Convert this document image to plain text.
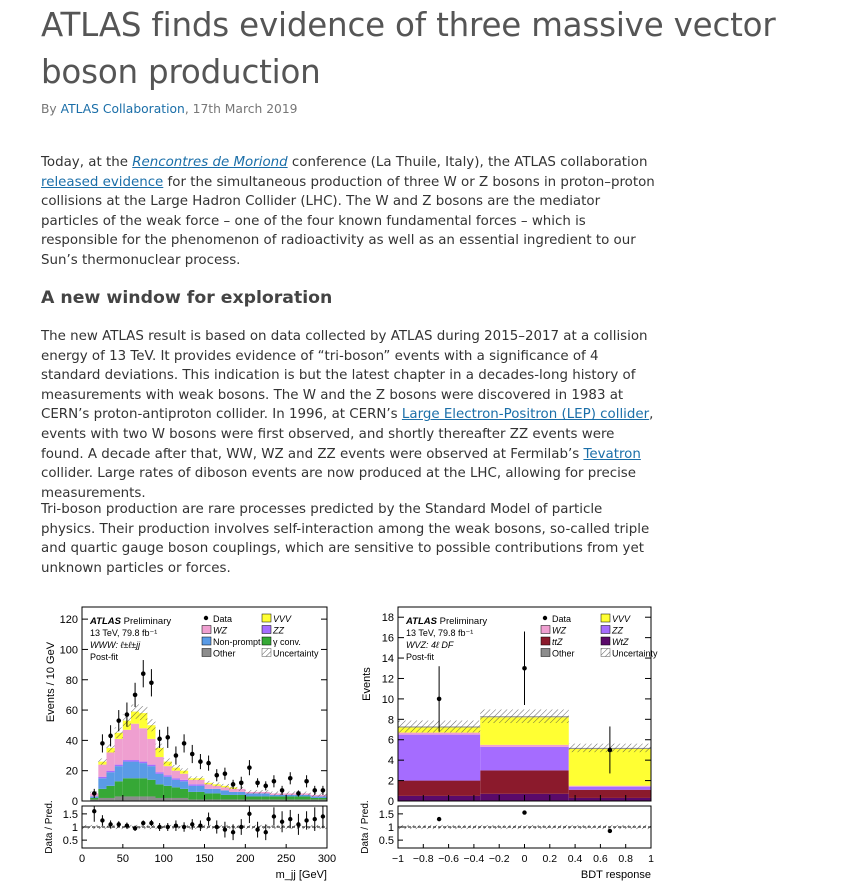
ATLAS finds evidence of three massive vector boson production
By ATLAS Collaboration, 17th March 2019

Today, at the Rencontres de Moriond conference (La Thuile, Italy), the ATLAS collaboration released evidence for the simultaneous production of three W or Z bosons in proton–proton collisions at the Large Hadron Collider (LHC). The W and Z bosons are the mediator particles of the weak force – one of the four known fundamental forces – which is responsible for the phenomenon of radioactivity as well as an essential ingredient to our Sun’s thermonuclear process.

A new window for exploration

The new ATLAS result is based on data collected by ATLAS during 2015–2017 at a collision energy of 13 TeV. It provides evidence of “tri-boson” events with a significance of 4 standard deviations. This indication is but the latest chapter in a decades-long history of measurements with weak bosons. The W and the Z bosons were discovered in 1983 at CERN’s proton-antiproton collider. In 1996, at CERN’s Large Electron-Positron (LEP) collider, events with two W bosons were first observed, and shortly thereafter ZZ events were found. A decade after that, WW, WZ and ZZ events were observed at Fermilab’s Tevatron collider. Large rates of diboson events are now produced at the LHC, allowing for precise measurements.

Tri-boson production are rare processes predicted by the Standard Model of particle physics. Their production involves self-interaction among the weak bosons, so-called triple and quartic gauge boson couplings, which are sensitive to possible contributions from yet unknown particles or forces.

0
20
40
60
80
100
120
0	50 100 150 200 250 300
Events / 10 GeV
m_jj [GeV]
0.5
1
1.5
Data / Pred.
ATLAS Preliminary
13 TeV, 79.8 fb⁻¹
WWW: ℓ±ℓ±jj
Post-fit
Data	VVV
WZ	ZZ
Non-prompt γ conv.
Other	Uncertainty
0
2
4
6
8
10
12
14
16
18
−1 −0.8 −0.6 −0.4 −0.2 0 0.2 0.4 0.6 0.8 1
Events
BDT response
0.5
1
1.5
Data / Pred.
ATLAS Preliminary
13 TeV, 79.8 fb⁻¹
WVZ: 4ℓ DF
Post-fit
Data	VVV
WZ	ZZ
ttZ	WtZ
Other	Uncertainty
